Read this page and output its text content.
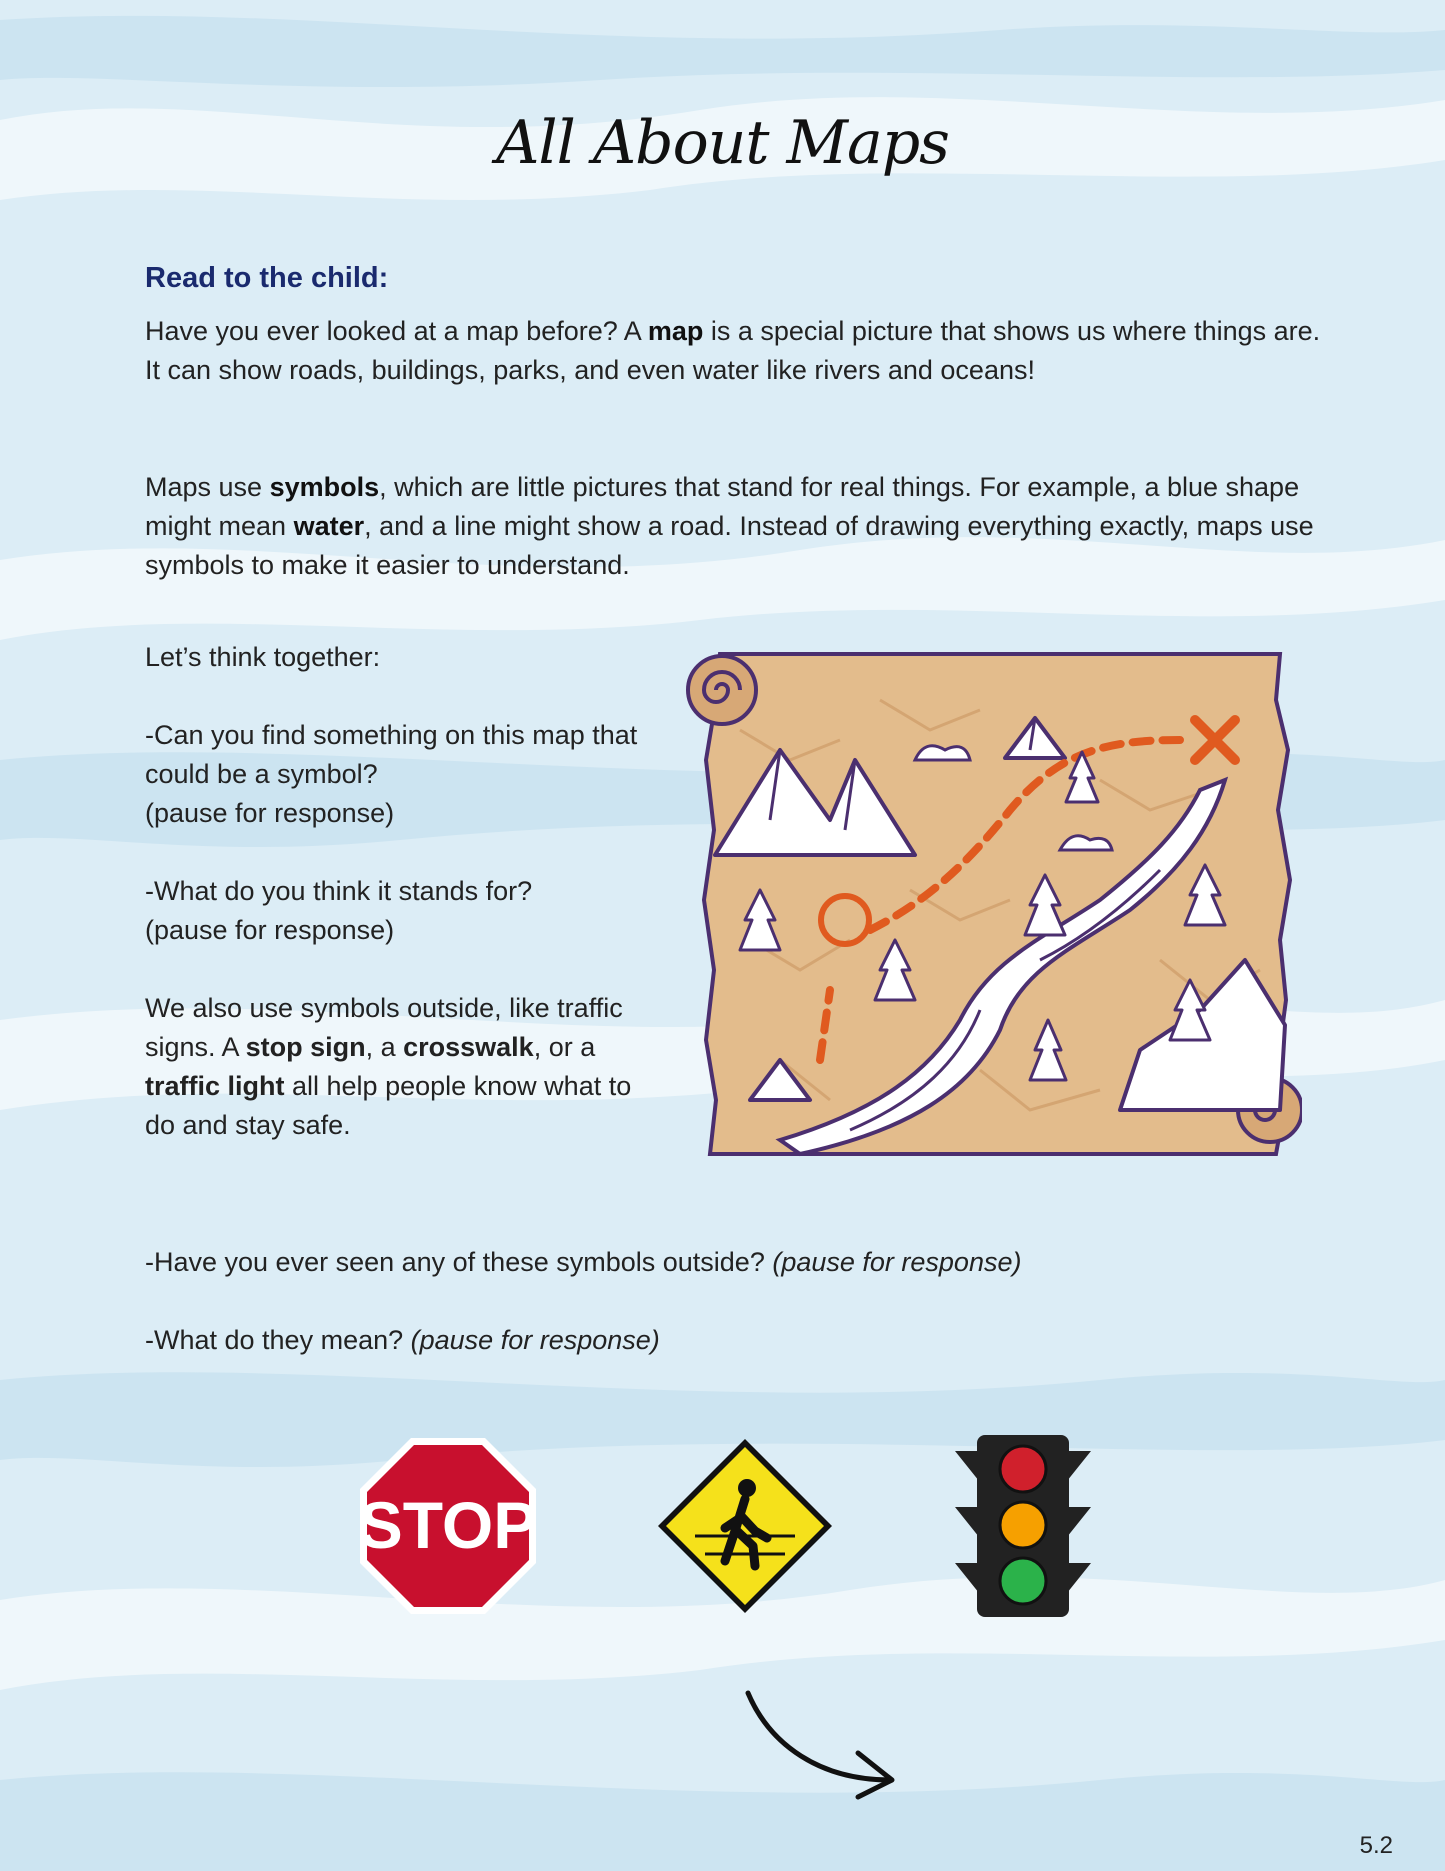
All About Maps
Read to the child:

Have you ever looked at a map before? A map is a special picture that shows us where things are. It can show roads, buildings, parks, and even water like rivers and oceans!

Maps use symbols, which are little pictures that stand for real things. For example, a blue shape might mean water, and a line might show a road. Instead of drawing everything exactly, maps use symbols to make it easier to understand.

Let’s think together:

-Can you find something on this map that could be a symbol?
(pause for response)

-What do you think it stands for?
(pause for response)

We also use symbols outside, like traffic signs. A stop sign, a crosswalk, or a traffic light all help people know what to do and stay safe.

-Have you ever seen any of these symbols outside? (pause for response)

-What do they mean? (pause for response)

STOP
5.2
